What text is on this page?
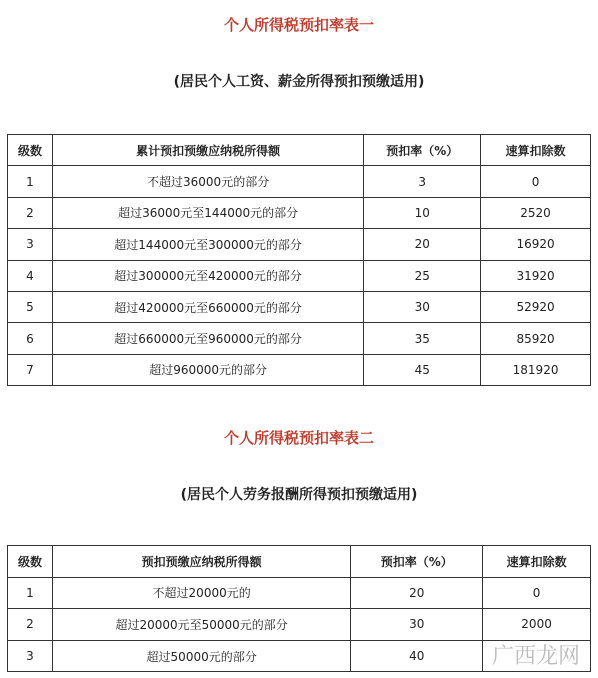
个人所得税预扣率表一
(居民个人工资、薪金所得预扣预缴适用)
级数	累计预扣预缴应纳税所得额	预扣率（%）	速算扣除数
1	不超过36000元的部分	3	0
2	超过36000元至144000元的部分	10	2520
3	超过144000元至300000元的部分	20	16920
4	超过300000元至420000元的部分	25	31920
5	超过420000元至660000元的部分	30	52920
6	超过660000元至960000元的部分	35	85920
7	超过960000元的部分	45	181920
个人所得税预扣率表二
(居民个人劳务报酬所得预扣预缴适用)
级数	预扣预缴应纳税所得额	预扣率（%）	速算扣除数
1	不超过20000元的	20	0
2	超过20000元至50000元的部分	30	2000
3	超过50000元的部分	40		广西龙网
